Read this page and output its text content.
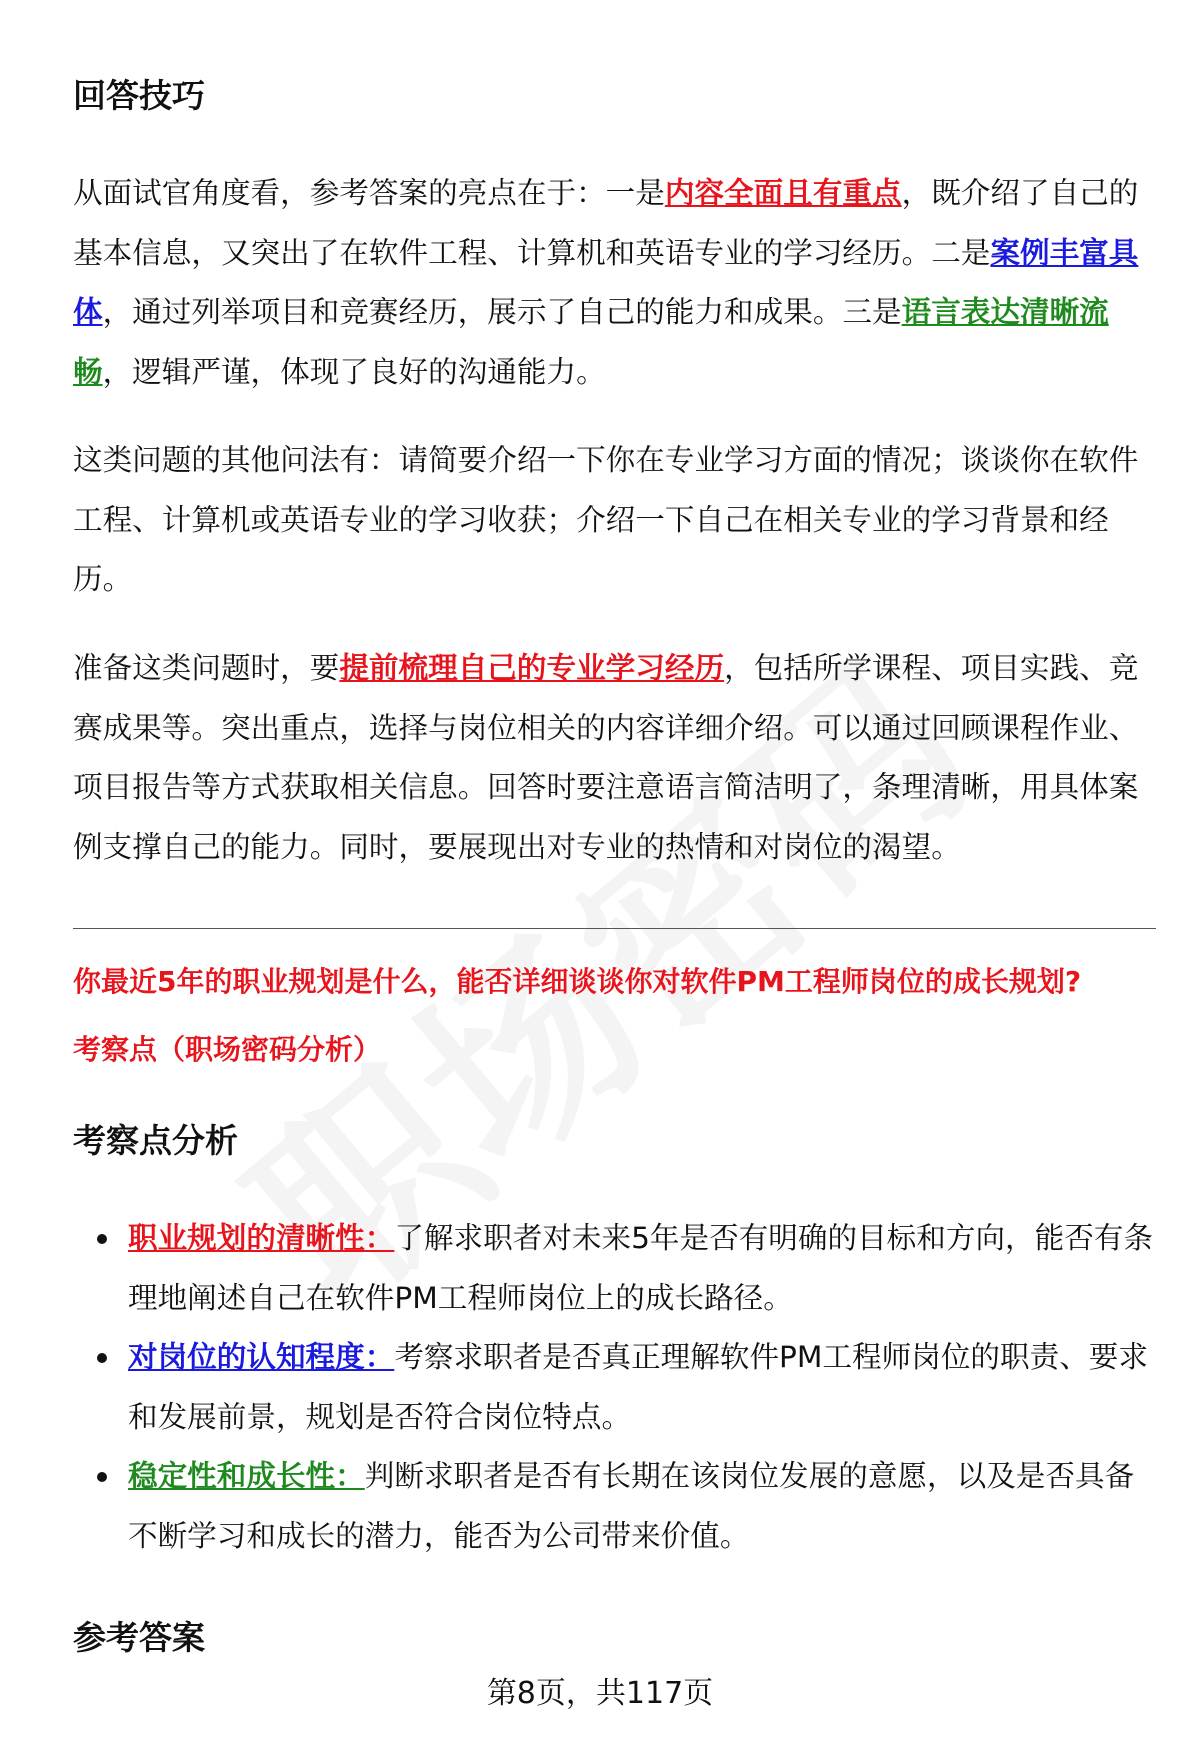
回答技巧
从面试官角度看，参考答案的亮点在于：一是内容全面且有重点，既介绍了自己的基本信息，又突出了在软件工程、计算机和英语专业的学习经历。二是案例丰富具体，通过列举项目和竞赛经历，展示了自己的能力和成果。三是语言表达清晰流畅，逻辑严谨，体现了良好的沟通能力。
这类问题的其他问法有：请简要介绍一下你在专业学习方面的情况；谈谈你在软件工程、计算机或英语专业的学习收获；介绍一下自己在相关专业的学习背景和经历。
准备这类问题时，要提前梳理自己的专业学习经历，包括所学课程、项目实践、竞赛成果等。突出重点，选择与岗位相关的内容详细介绍。可以通过回顾课程作业、项目报告等方式获取相关信息。回答时要注意语言简洁明了，条理清晰，用具体案例支撑自己的能力。同时，要展现出对专业的热情和对岗位的渴望。
你最近5年的职业规划是什么，能否详细谈谈你对软件PM工程师岗位的成长规划?
考察点（职场密码分析）
考察点分析
职业规划的清晰性：了解求职者对未来5年是否有明确的目标和方向，能否有条理地阐述自己在软件PM工程师岗位上的成长路径。
对岗位的认知程度：考察求职者是否真正理解软件PM工程师岗位的职责、要求和发展前景，规划是否符合岗位特点。
稳定性和成长性：判断求职者是否有长期在该岗位发展的意愿，以及是否具备不断学习和成长的潜力，能否为公司带来价值。
参考答案
第8页，共117页
